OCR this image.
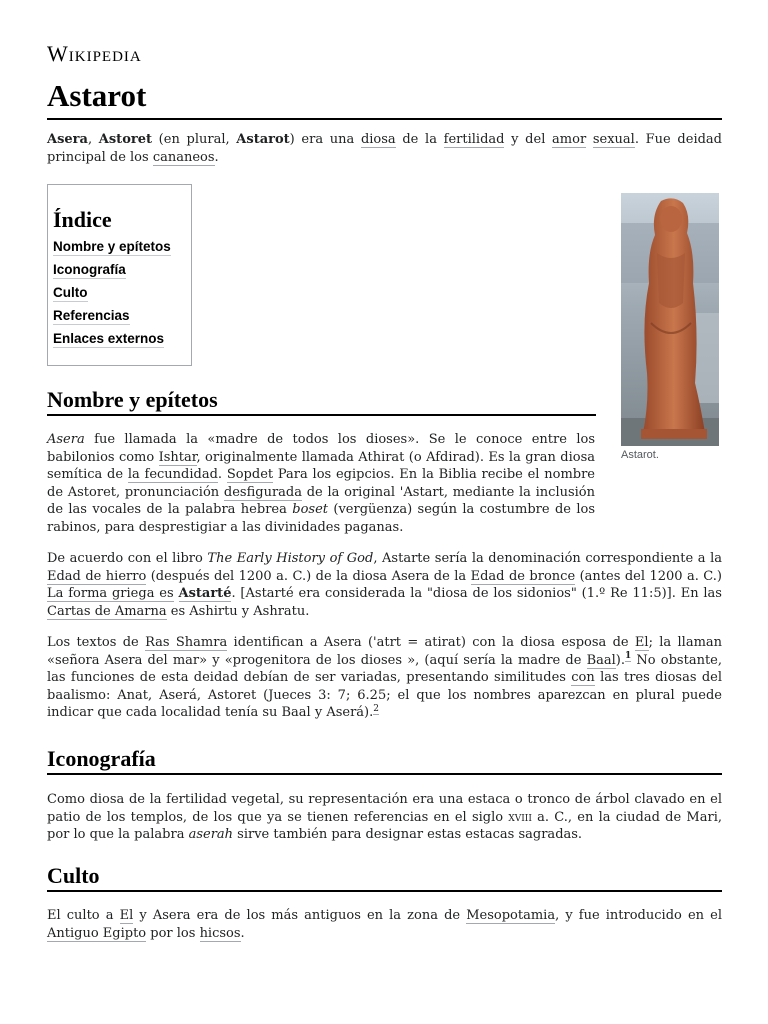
Wikipedia
Astarot

Asera, Astoret (en plural, Astarot) era una diosa de la fertilidad y del amor sexual. Fue deidad principal de los cananeos.

Índice
Nombre y epítetos
Iconografía
Culto
Referencias
Enlaces externos
Astarot.
Nombre y epítetos

Asera fue llamada la «madre de todos los dioses». Se le conoce entre los babilonios como Ishtar, originalmente llamada Athirat (o Afdirad). Es la gran diosa semítica de la fecundidad. Sopdet Para los egipcios. En la Biblia recibe el nombre de Astoret, pronunciación desfigurada de la original 'Astart, mediante la inclusión de las vocales de la palabra hebrea boset (vergüenza) según la costumbre de los rabinos, para desprestigiar a las divinidades paganas.

De acuerdo con el libro The Early History of God, Astarte sería la denominación correspondiente a la Edad de hierro (después del 1200 a. C.) de la diosa Asera de la Edad de bronce (antes del 1200 a. C.) La forma griega es Astarté. [Astarté era considerada la "diosa de los sidonios" (1.º Re 11:5)]. En las Cartas de Amarna es Ashirtu y Ashratu.

Los textos de Ras Shamra identifican a Asera ('atrt = atirat) con la diosa esposa de El; la llaman «señora Asera del mar» y «progenitora de los dioses », (aquí sería la madre de Baal).$^1$ No obstante, las funciones de esta deidad debían de ser variadas, presentando similitudes con las tres diosas del baalismo: Anat, Aserá, Astoret (Jueces 3: 7; 6.25; el que los nombres aparezcan en plural puede indicar que cada localidad tenía su Baal y Aserá).$^2$

Iconografía

Como diosa de la fertilidad vegetal, su representación era una estaca o tronco de árbol clavado en el patio de los templos, de los que ya se tienen referencias en el siglo xviii a. C., en la ciudad de Mari, por lo que la palabra aserah sirve también para designar estas estacas sagradas.

Culto

El culto a El y Asera era de los más antiguos en la zona de Mesopotamia, y fue introducido en el Antiguo Egipto por los hicsos.
